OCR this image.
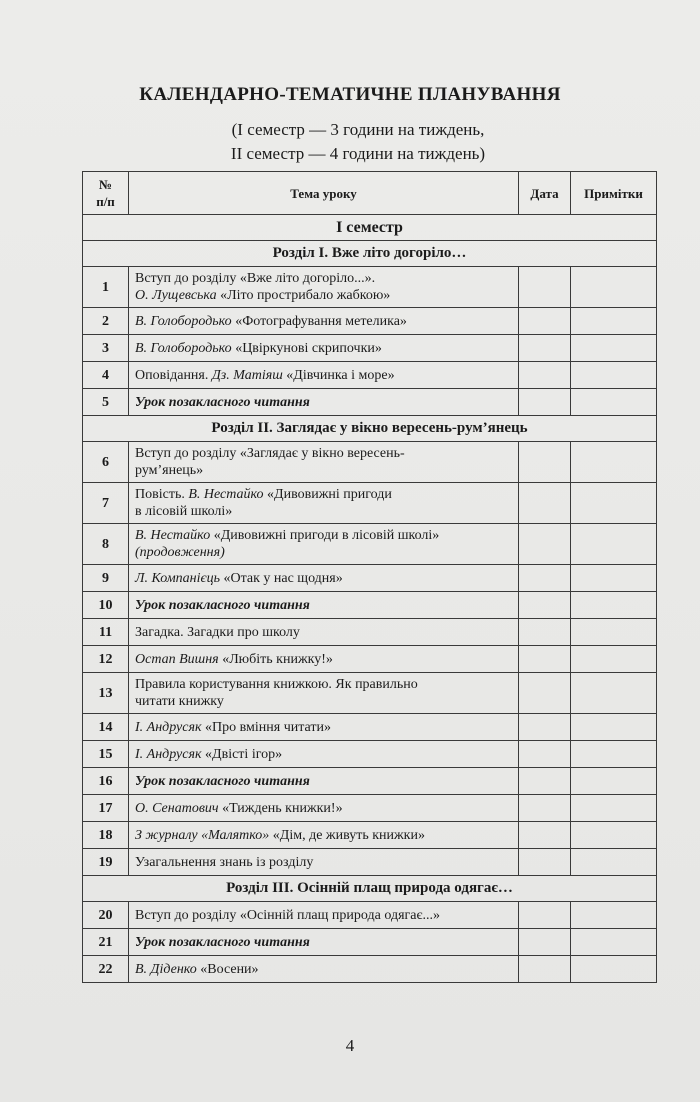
КАЛЕНДАРНО-ТЕМАТИЧНЕ ПЛАНУВАННЯ
(І семестр — 3 години на тиждень,
ІІ семестр — 4 години на тиждень)
№
п/п	Тема уроку	Дата	Примітки
І семестр			
Розділ І. Вже літо догоріло…			
1	Вступ до розділу «Вже літо догоріло...».
О. Лущевська «Літо прострибало жабкою»		

2	В. Голобородько «Фотографування метелика»		
3	В. Голобородько «Цвіркунові скрипочки»		
4	Оповідання. Дз. Матіяш «Дівчинка і море»		
5	Урок позакласного читання		
Розділ ІІ. Заглядає у вікно вересень-рум’янець			
6	Вступ до розділу «Заглядає у вікно вересень-
рум’янець»		

7	Повість. В. Нестайко «Дивовижні пригоди
в лісовій школі»		

8	В. Нестайко «Дивовижні пригоди в лісовій школі»
(продовження)		

9	Л. Компанієць «Отак у нас щодня»		
10	Урок позакласного читання		
11	Загадка. Загадки про школу		
12	Остап Вишня «Любіть книжку!»		
13	Правила користування книжкою. Як правильно
читати книжку		

14	І. Андрусяк «Про вміння читати»		
15	І. Андрусяк «Двісті ігор»		
16	Урок позакласного читання		
17	О. Сенатович «Тиждень книжки!»		
18	З журналу «Малятко» «Дім, де живуть книжки»		
19	Узагальнення знань із розділу		
Розділ ІІІ. Осінній плащ природа одягає…			
20	Вступ до розділу «Осінній плащ природа одягає...»		
21	Урок позакласного читання		
22	В. Діденко «Восени»		
4
